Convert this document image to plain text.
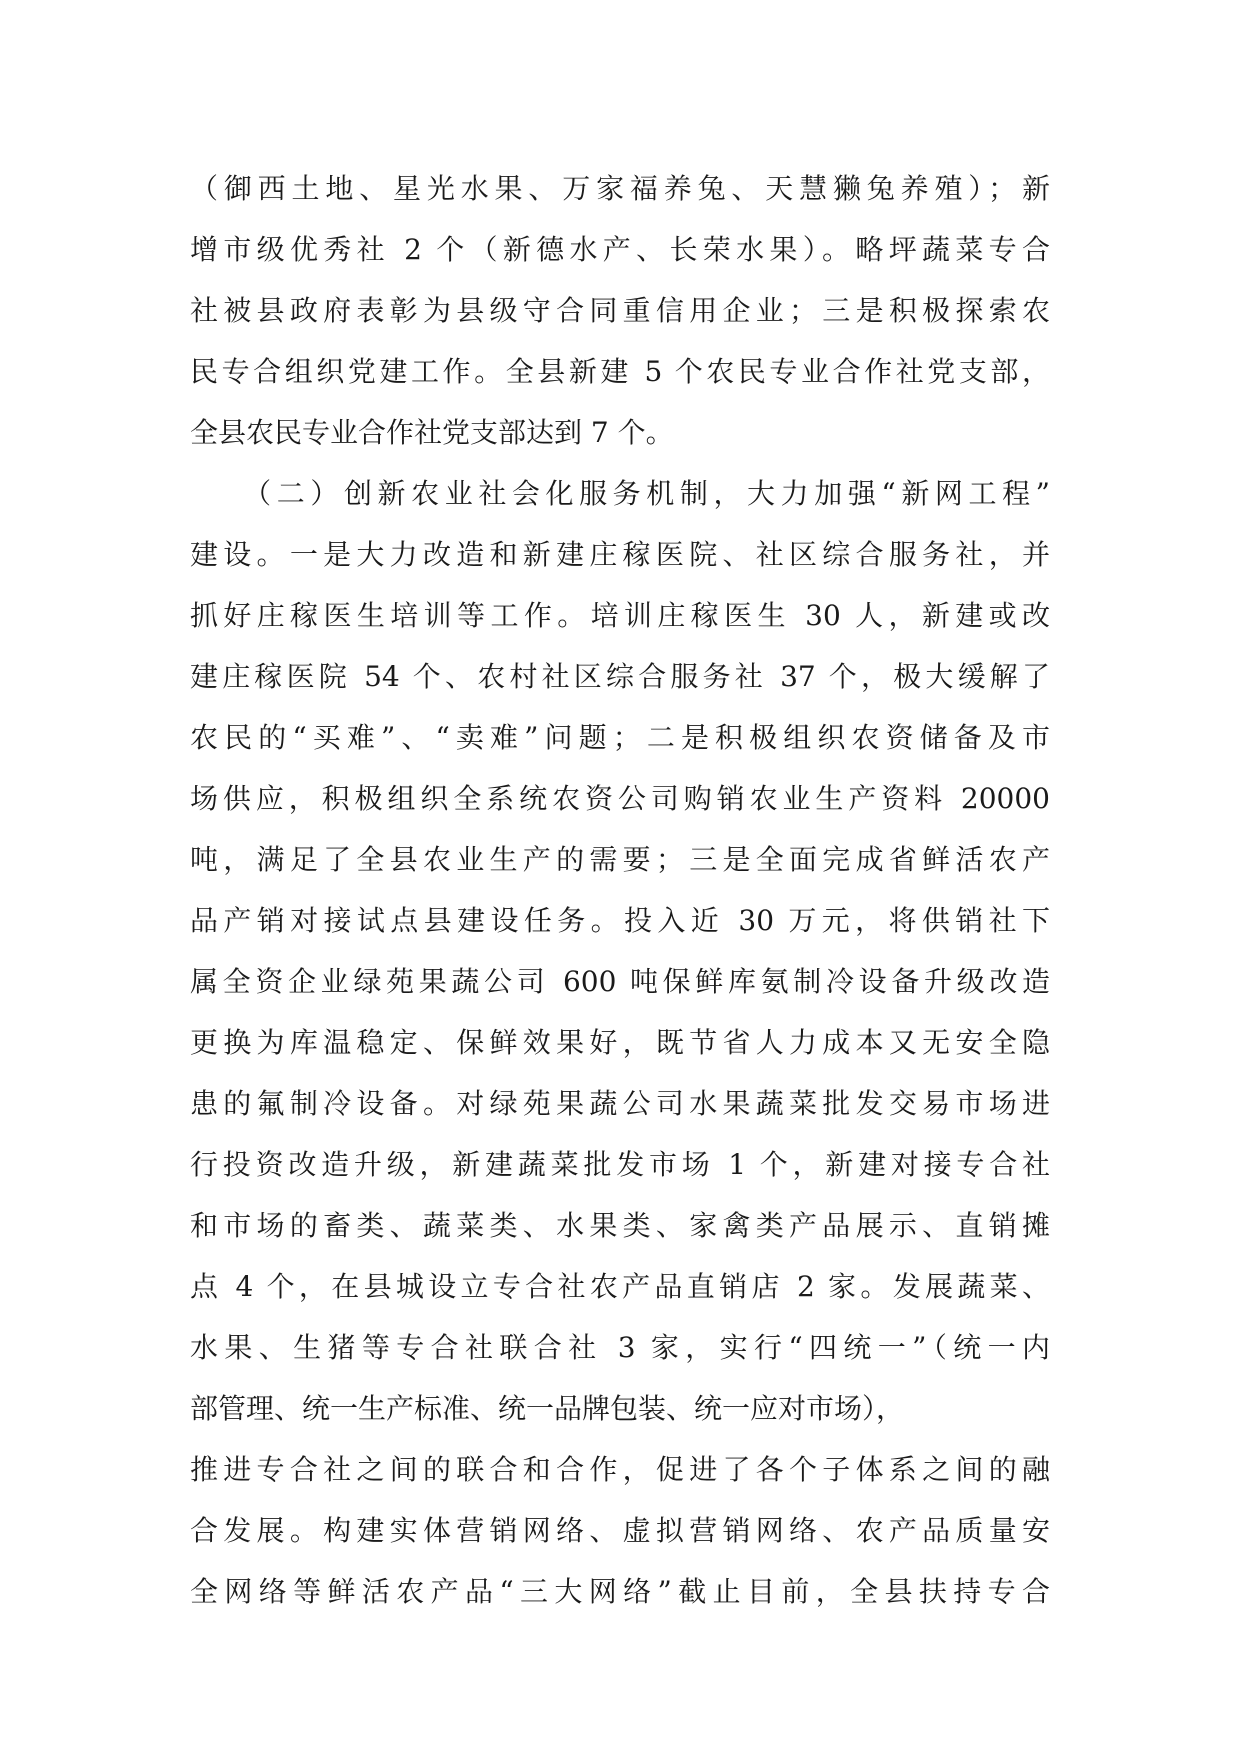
（御西土地、星光水果、万家福养兔、天慧獭兔养殖）；新
增市级优秀社 2 个（新德水产、长荣水果）。略坪蔬菜专合
社被县政府表彰为县级守合同重信用企业；三是积极探索农
民专合组织党建工作。全县新建 5 个农民专业合作社党支部，
全县农民专业合作社党支部达到 7 个。
　　（二）创新农业社会化服务机制，大力加强“新网工程”
建设。一是大力改造和新建庄稼医院、社区综合服务社，并
抓好庄稼医生培训等工作。培训庄稼医生 30 人，新建或改
建庄稼医院 54 个、农村社区综合服务社 37 个，极大缓解了
农民的“买难”、“卖难”问题；二是积极组织农资储备及市
场供应，积极组织全系统农资公司购销农业生产资料 20000
吨，满足了全县农业生产的需要；三是全面完成省鲜活农产
品产销对接试点县建设任务。投入近 30 万元，将供销社下
属全资企业绿苑果蔬公司 600 吨保鲜库氨制冷设备升级改造
更换为库温稳定、保鲜效果好，既节省人力成本又无安全隐
患的氟制冷设备。对绿苑果蔬公司水果蔬菜批发交易市场进
行投资改造升级，新建蔬菜批发市场 1 个，新建对接专合社
和市场的畜类、蔬菜类、水果类、家禽类产品展示、直销摊
点 4 个，在县城设立专合社农产品直销店 2 家。发展蔬菜、
水果、生猪等专合社联合社 3 家，实行“四统一”（统一内
部管理、统一生产标准、统一品牌包装、统一应对市场），
推进专合社之间的联合和合作，促进了各个子体系之间的融
合发展。构建实体营销网络、虚拟营销网络、农产品质量安
全网络等鲜活农产品“三大网络”截止目前，全县扶持专合
